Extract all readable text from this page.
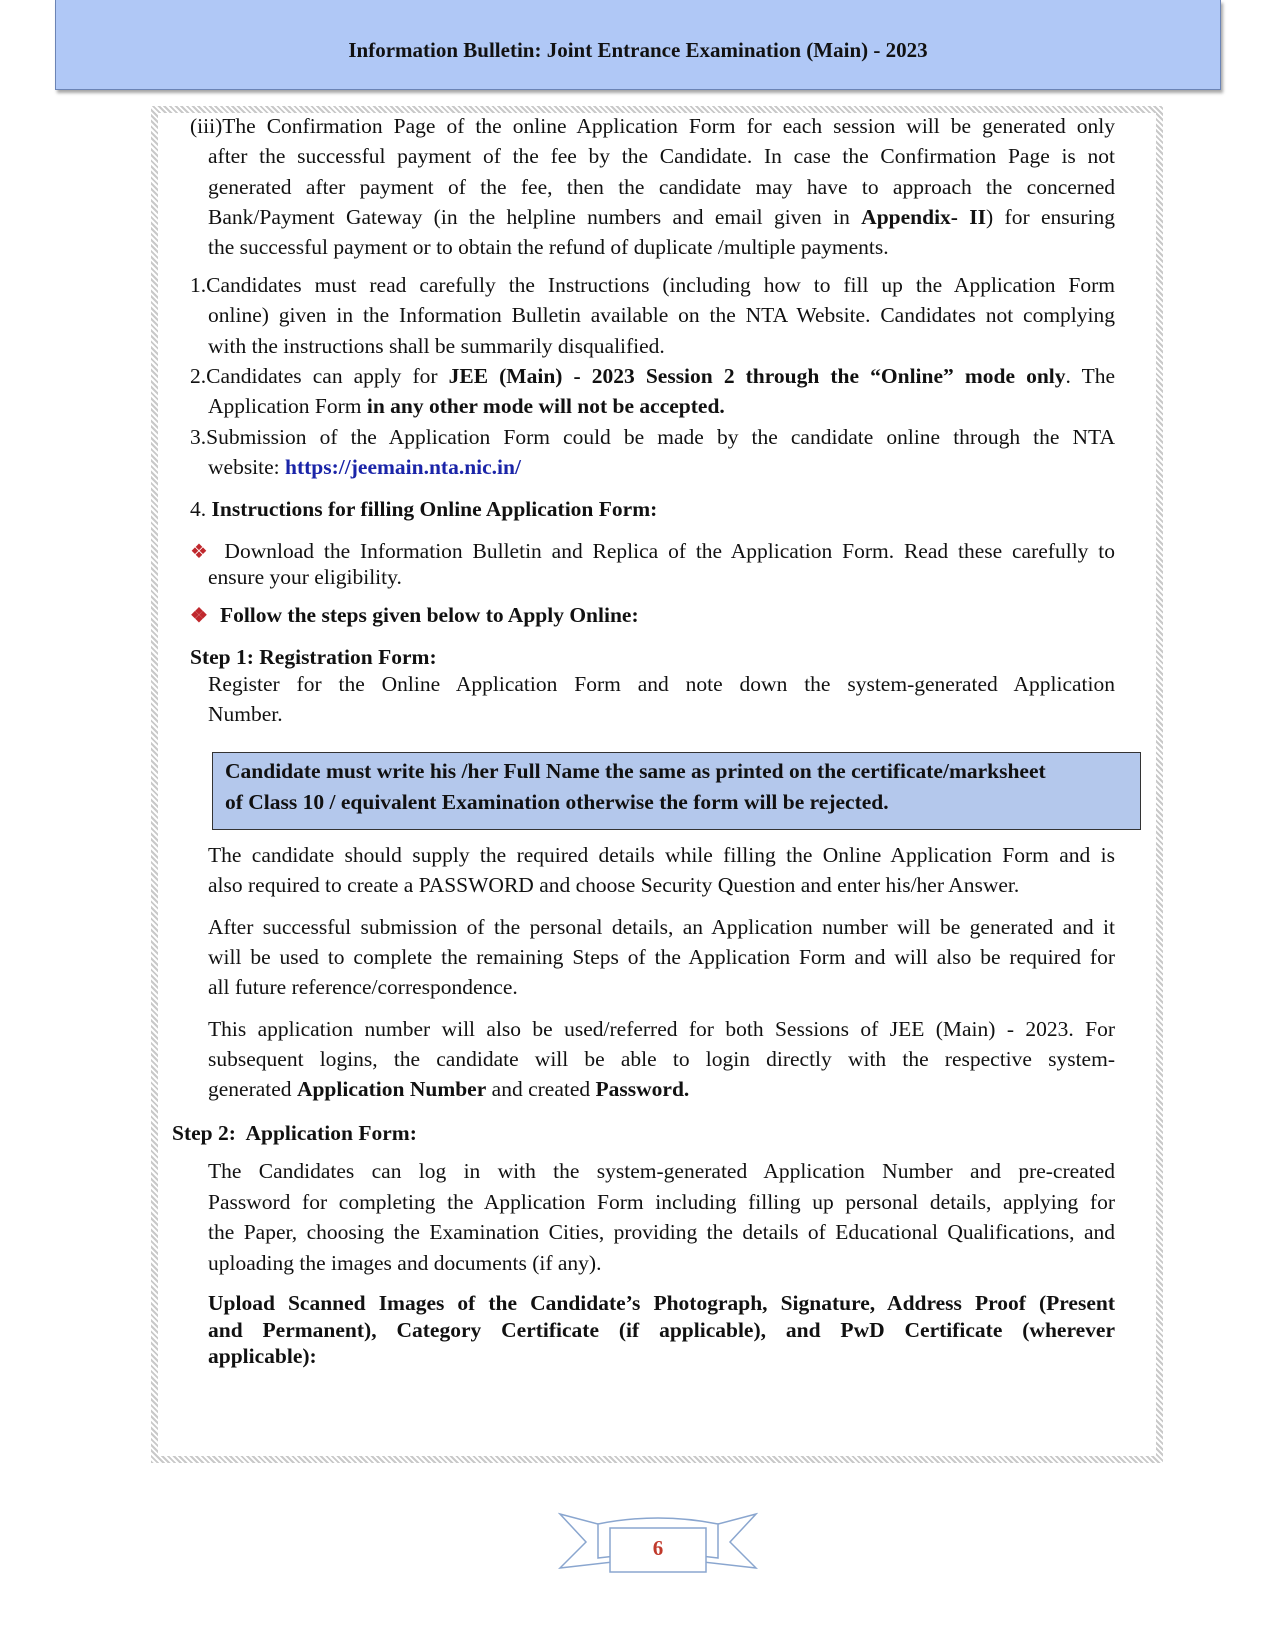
Information Bulletin: Joint Entrance Examination (Main) - 2023
(iii)The Confirmation Page of the online Application Form for each session will be generated only
after the successful payment of the fee by the Candidate. In case the Confirmation Page is not
generated after payment of the fee, then the candidate may have to approach the concerned
Bank/Payment Gateway (in the helpline numbers and email given in Appendix- II) for ensuring
the successful payment or to obtain the refund of duplicate /multiple payments.
1.Candidates must read carefully the Instructions (including how to fill up the Application Form
online) given in the Information Bulletin available on the NTA Website. Candidates not complying
with the instructions shall be summarily disqualified.
2.Candidates can apply for JEE (Main) - 2023 Session 2 through the “Online” mode only. The
Application Form in any other mode will not be accepted.
3.Submission of the Application Form could be made by the candidate online through the NTA
website: https://jeemain.nta.nic.in/
4. Instructions for filling Online Application Form:
❖ Download the Information Bulletin and Replica of the Application Form. Read these carefully to
ensure your eligibility.
❖ Follow the steps given below to Apply Online:
Step 1: Registration Form:
Register for the Online Application Form and note down the system-generated Application
Number.
Candidate must write his /her Full Name the same as printed on the certificate/marksheet
of Class 10 / equivalent Examination otherwise the form will be rejected.
The candidate should supply the required details while filling the Online Application Form and is
also required to create a PASSWORD and choose Security Question and enter his/her Answer.
After successful submission of the personal details, an Application number will be generated and it
will be used to complete the remaining Steps of the Application Form and will also be required for
all future reference/correspondence.
This application number will also be used/referred for both Sessions of JEE (Main) - 2023. For
subsequent logins, the candidate will be able to login directly with the respective system-
generated Application Number and created Password.
Step 2:  Application Form:
The Candidates can log in with the system-generated Application Number and pre-created
Password for completing the Application Form including filling up personal details, applying for
the Paper, choosing the Examination Cities, providing the details of Educational Qualifications, and
uploading the images and documents (if any).
Upload Scanned Images of the Candidate’s Photograph, Signature, Address Proof (Present
and Permanent), Category Certificate (if applicable), and PwD Certificate (wherever
applicable):
6
